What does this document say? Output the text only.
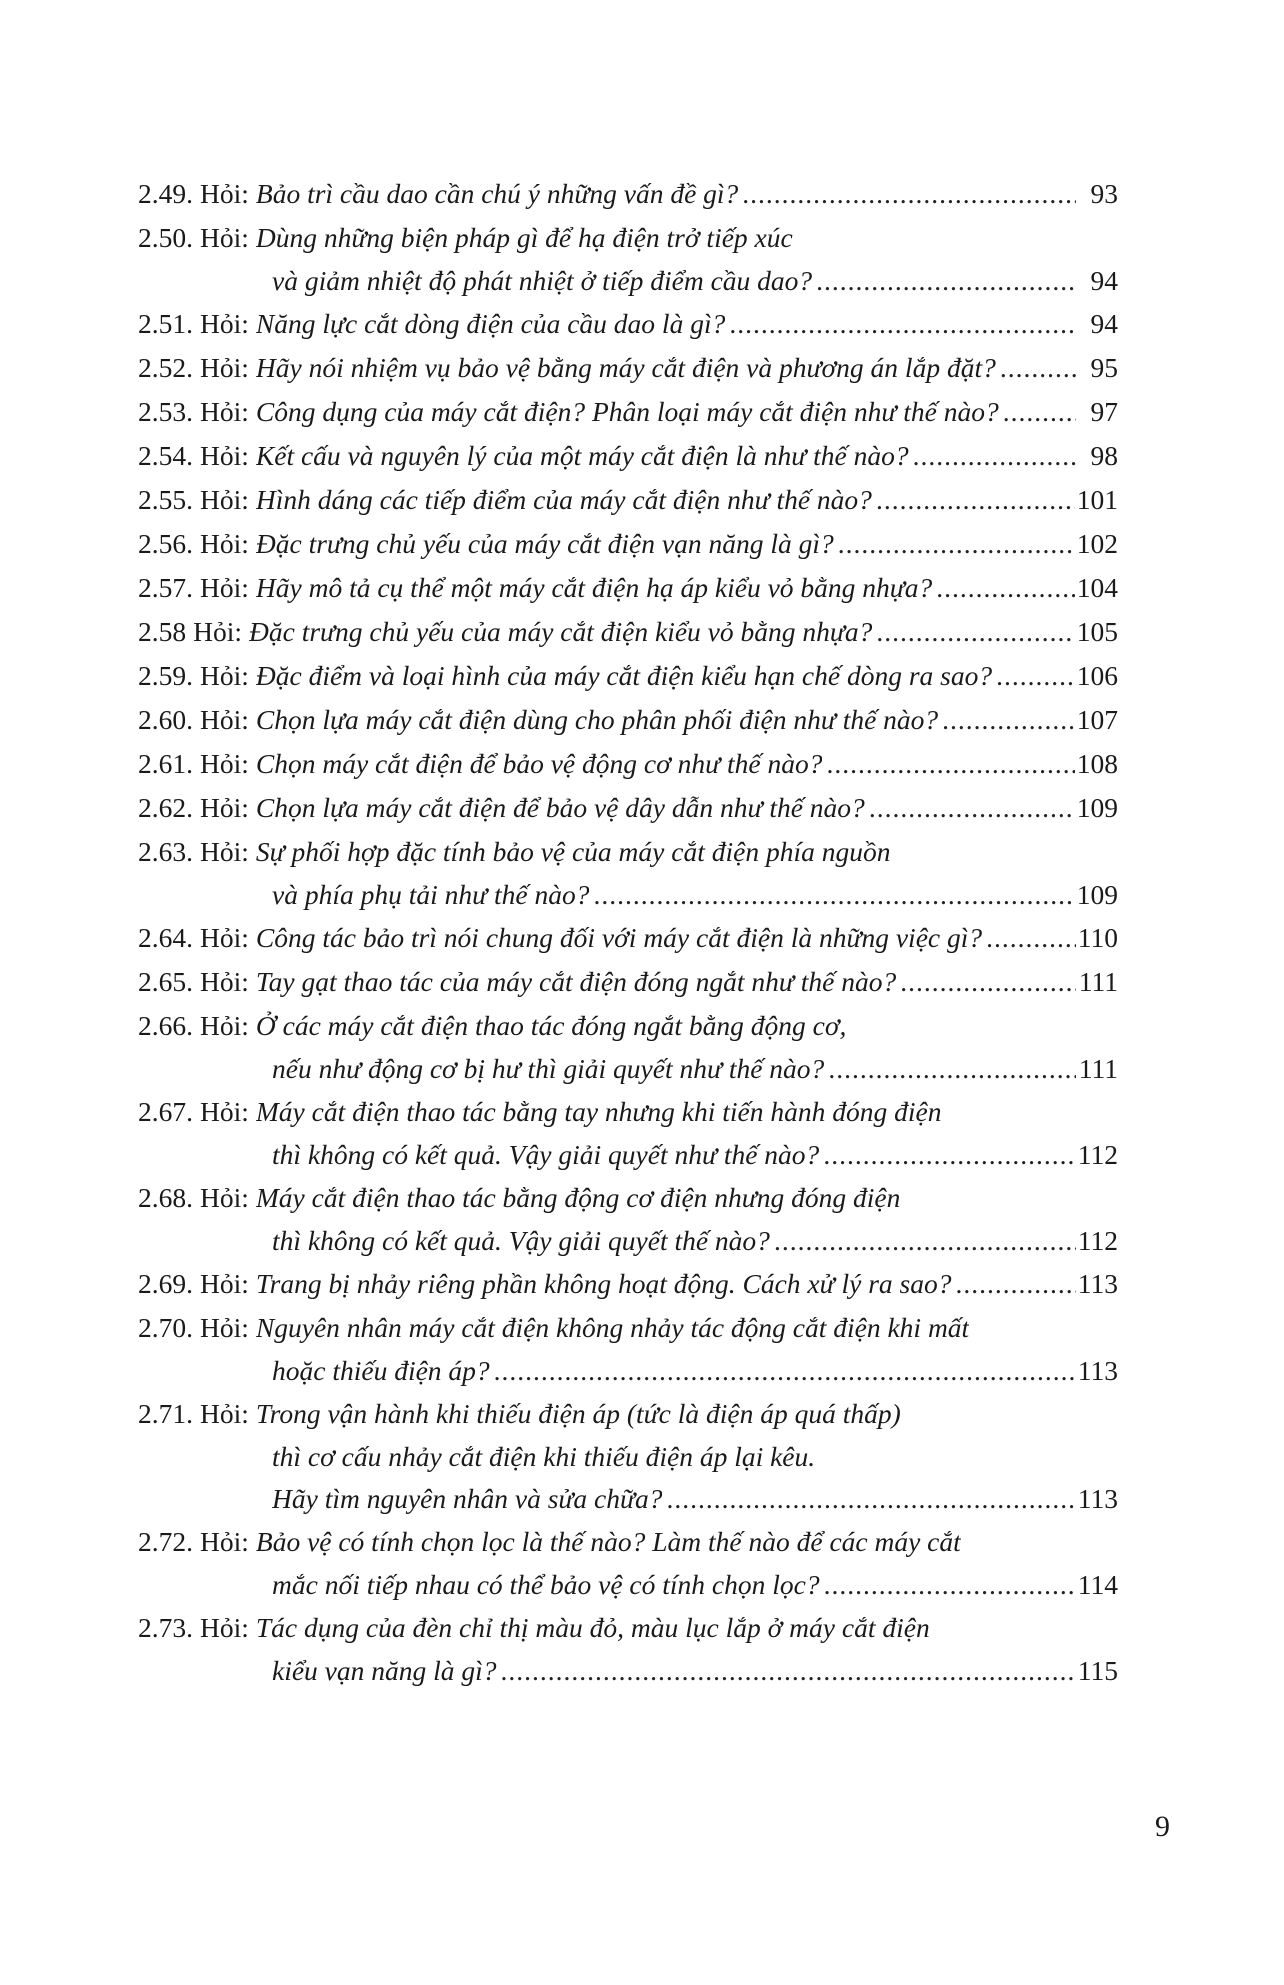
2.49. Hỏi: Bảo trì cầu dao cần chú ý những vấn đề gì? .....	93
2.50. Hỏi: Dùng những biện pháp gì để hạ điện trở tiếp xúc
và giảm nhiệt độ phát nhiệt ở tiếp điểm cầu dao? .....	94
2.51. Hỏi: Năng lực cắt dòng điện của cầu dao là gì? .....	94
2.52. Hỏi: Hãy nói nhiệm vụ bảo vệ bằng máy cắt điện và phương án lắp đặt? .....	95
2.53. Hỏi: Công dụng của máy cắt điện? Phân loại máy cắt điện như thế nào? .....	97
2.54. Hỏi: Kết cấu và nguyên lý của một máy cắt điện là như thế nào? .....	98
2.55. Hỏi: Hình dáng các tiếp điểm của máy cắt điện như thế nào? .....	101
2.56. Hỏi: Đặc trưng chủ yếu của máy cắt điện vạn năng là gì? .....	102
2.57. Hỏi: Hãy mô tả cụ thể một máy cắt điện hạ áp kiểu vỏ bằng nhựa? .....	104
2.58 Hỏi: Đặc trưng chủ yếu của máy cắt điện kiểu vỏ bằng nhựa? .....	105
2.59. Hỏi: Đặc điểm và loại hình của máy cắt điện kiểu hạn chế dòng ra sao? .....	106
2.60. Hỏi: Chọn lựa máy cắt điện dùng cho phân phối điện như thế nào? .....	107
2.61. Hỏi: Chọn máy cắt điện để bảo vệ động cơ như thế nào? .....	108
2.62. Hỏi: Chọn lựa máy cắt điện để bảo vệ dây dẫn như thế nào? .....	109
2.63. Hỏi: Sự phối hợp đặc tính bảo vệ của máy cắt điện phía nguồn
và phía phụ tải như thế nào? .....	109
2.64. Hỏi: Công tác bảo trì nói chung đối với máy cắt điện là những việc gì? .....	110
2.65. Hỏi: Tay gạt thao tác của máy cắt điện đóng ngắt như thế nào? .....	111
2.66. Hỏi: Ở các máy cắt điện thao tác đóng ngắt bằng động cơ,
nếu như động cơ bị hư thì giải quyết như thế nào? .....	111
2.67. Hỏi: Máy cắt điện thao tác bằng tay nhưng khi tiến hành đóng điện
thì không có kết quả. Vậy giải quyết như thế nào? .....	112
2.68. Hỏi: Máy cắt điện thao tác bằng động cơ điện nhưng đóng điện
thì không có kết quả. Vậy giải quyết thế nào? .....	112
2.69. Hỏi: Trang bị nhảy riêng phần không hoạt động. Cách xử lý ra sao? .....	113
2.70. Hỏi: Nguyên nhân máy cắt điện không nhảy tác động cắt điện khi mất
hoặc thiếu điện áp? .....	113
2.71. Hỏi: Trong vận hành khi thiếu điện áp (tức là điện áp quá thấp)
thì cơ cấu nhảy cắt điện khi thiếu điện áp lại kêu.
Hãy tìm nguyên nhân và sửa chữa? .....	113
2.72. Hỏi: Bảo vệ có tính chọn lọc là thế nào? Làm thế nào để các máy cắt
mắc nối tiếp nhau có thể bảo vệ có tính chọn lọc? .....	114
2.73. Hỏi: Tác dụng của đèn chỉ thị màu đỏ, màu lục lắp ở máy cắt điện
kiểu vạn năng là gì? .....	115
9
